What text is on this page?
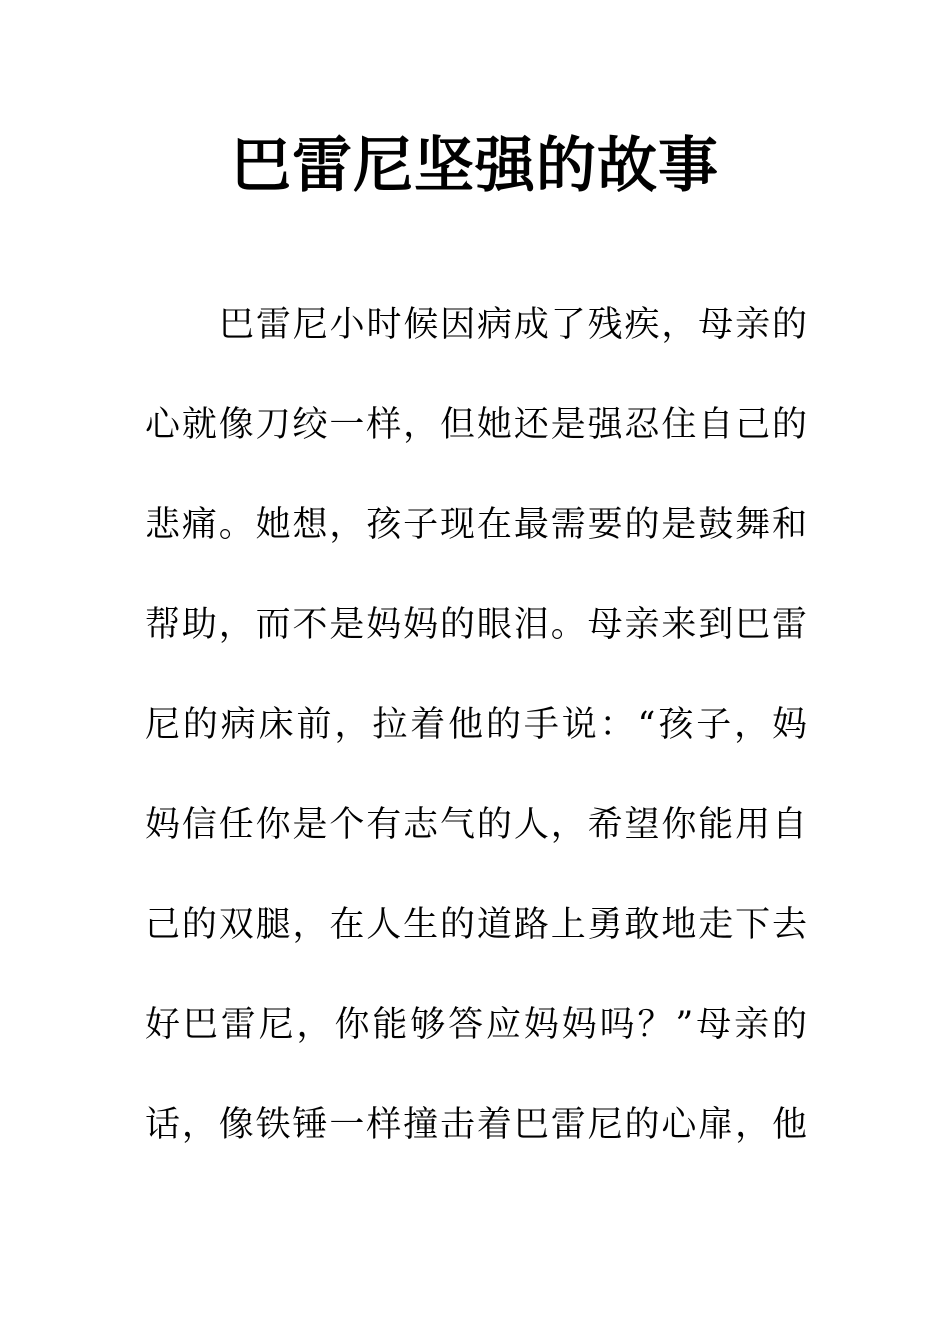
巴雷尼坚强的故事
巴雷尼小时候因病成了残疾，母亲的
心就像刀绞一样，但她还是强忍住自己的
悲痛。她想，孩子现在最需要的是鼓舞和
帮助，而不是妈妈的眼泪。母亲来到巴雷
尼的病床前，拉着他的手说：“孩子，妈
妈信任你是个有志气的人，希望你能用自
己的双腿，在人生的道路上勇敢地走下去
好巴雷尼，你能够答应妈妈吗？”母亲的
话，像铁锤一样撞击着巴雷尼的心扉，他
